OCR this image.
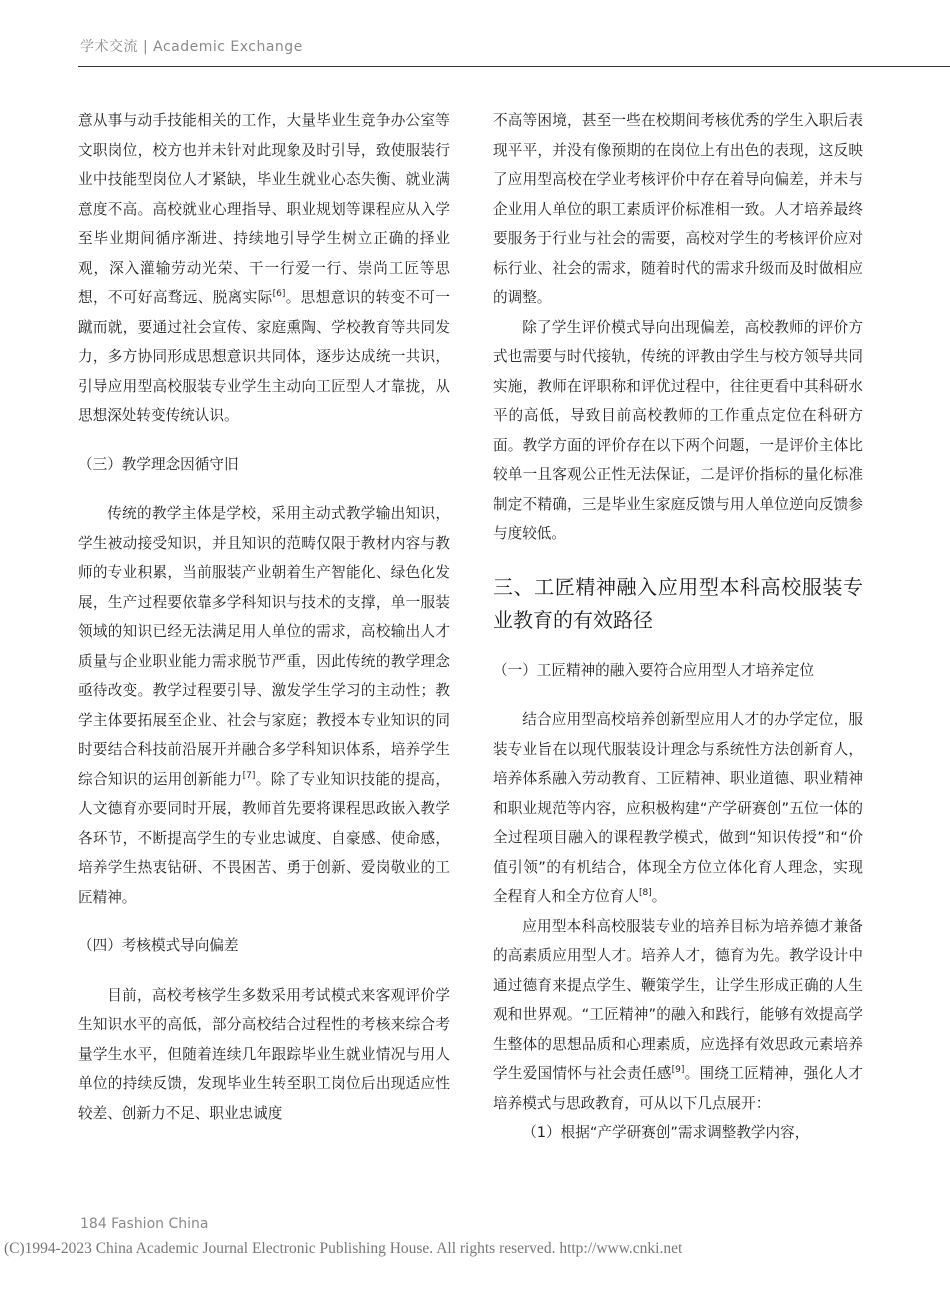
学术交流 | Academic Exchange

意从事与动手技能相关的工作，大量毕业生竞争办公室等文职岗位，校方也并未针对此现象及时引导，致使服装行业中技能型岗位人才紧缺，毕业生就业心态失衡、就业满意度不高。高校就业心理指导、职业规划等课程应从入学至毕业期间循序渐进、持续地引导学生树立正确的择业观，深入灌输劳动光荣、干一行爱一行、崇尚工匠等思想，不可好高骛远、脱离实际[6]。思想意识的转变不可一蹴而就，要通过社会宣传、家庭熏陶、学校教育等共同发力，多方协同形成思想意识共同体，逐步达成统一共识，引导应用型高校服装专业学生主动向工匠型人才靠拢，从思想深处转变传统认识。

（三）教学理念因循守旧

传统的教学主体是学校，采用主动式教学输出知识，学生被动接受知识，并且知识的范畴仅限于教材内容与教师的专业积累，当前服装产业朝着生产智能化、绿色化发展，生产过程要依靠多学科知识与技术的支撑，单一服装领域的知识已经无法满足用人单位的需求，高校输出人才质量与企业职业能力需求脱节严重，因此传统的教学理念亟待改变。教学过程要引导、激发学生学习的主动性；教学主体要拓展至企业、社会与家庭；教授本专业知识的同时要结合科技前沿展开并融合多学科知识体系，培养学生综合知识的运用创新能力[7]。除了专业知识技能的提高，人文德育亦要同时开展，教师首先要将课程思政嵌入教学各环节，不断提高学生的专业忠诚度、自豪感、使命感，培养学生热衷钻研、不畏困苦、勇于创新、爱岗敬业的工匠精神。

（四）考核模式导向偏差

目前，高校考核学生多数采用考试模式来客观评价学生知识水平的高低，部分高校结合过程性的考核来综合考量学生水平，但随着连续几年跟踪毕业生就业情况与用人单位的持续反馈，发现毕业生转至职工岗位后出现适应性较差、创新力不足、职业忠诚度

不高等困境，甚至一些在校期间考核优秀的学生入职后表现平平，并没有像预期的在岗位上有出色的表现，这反映了应用型高校在学业考核评价中存在着导向偏差，并未与企业用人单位的职工素质评价标准相一致。人才培养最终要服务于行业与社会的需要，高校对学生的考核评价应对标行业、社会的需求，随着时代的需求升级而及时做相应的调整。

除了学生评价模式导向出现偏差，高校教师的评价方式也需要与时代接轨，传统的评教由学生与校方领导共同实施，教师在评职称和评优过程中，往往更看中其科研水平的高低，导致目前高校教师的工作重点定位在科研方面。教学方面的评价存在以下两个问题，一是评价主体比较单一且客观公正性无法保证，二是评价指标的量化标准制定不精确，三是毕业生家庭反馈与用人单位逆向反馈参与度较低。

三、工匠精神融入应用型本科高校服装专业教育的有效路径
（一）工匠精神的融入要符合应用型人才培养定位

结合应用型高校培养创新型应用人才的办学定位，服装专业旨在以现代服装设计理念与系统性方法创新育人，培养体系融入劳动教育、工匠精神、职业道德、职业精神和职业规范等内容，应积极构建“产学研赛创”五位一体的全过程项目融入的课程教学模式，做到“知识传授”和“价值引领”的有机结合，体现全方位立体化育人理念，实现全程育人和全方位育人[8]。

应用型本科高校服装专业的培养目标为培养德才兼备的高素质应用型人才。培养人才，德育为先。教学设计中通过德育来提点学生、鞭策学生，让学生形成正确的人生观和世界观。“工匠精神”的融入和践行，能够有效提高学生整体的思想品质和心理素质，应选择有效思政元素培养学生爱国情怀与社会责任感[9]。围绕工匠精神，强化人才培养模式与思政教育，可从以下几点展开：

（1）根据“产学研赛创”需求调整教学内容，

184 Fashion China
(C)1994-2023 China Academic Journal Electronic Publishing House. All rights reserved. http://www.cnki.net
